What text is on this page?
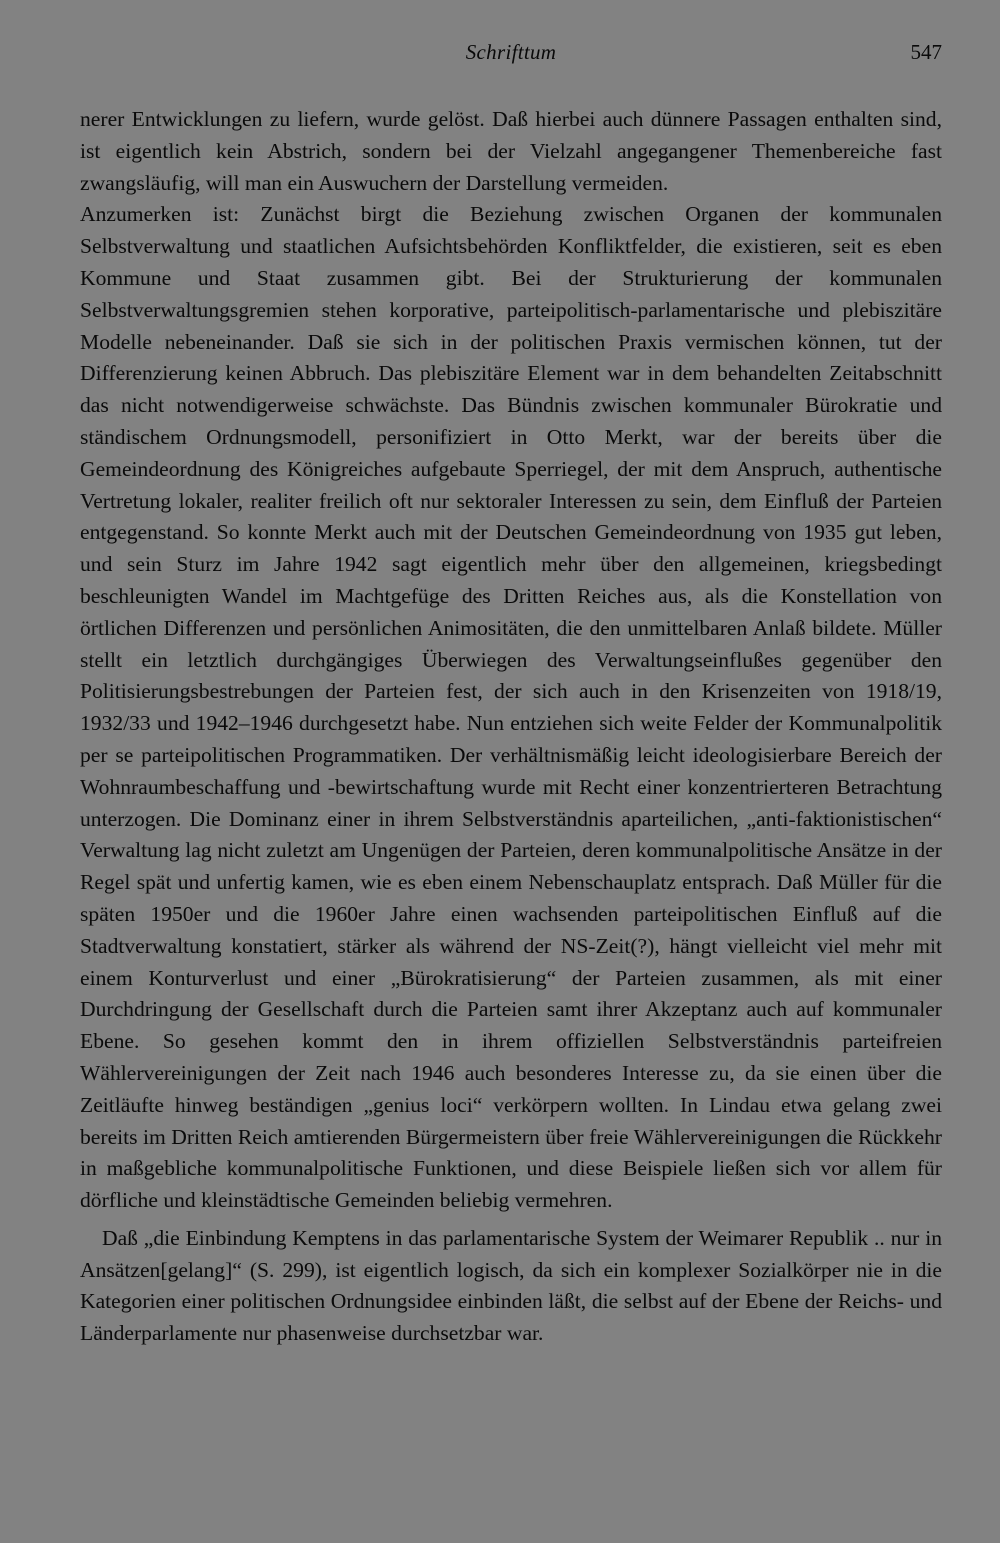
Schrifttum	547

nerer Entwicklungen zu liefern, wurde gelöst. Daß hierbei auch dünnere Passagen enthalten sind, ist eigentlich kein Abstrich, sondern bei der Vielzahl angegangener Themenbereiche fast zwangsläufig, will man ein Auswuchern der Darstellung vermeiden.

Anzumerken ist: Zunächst birgt die Beziehung zwischen Organen der kommunalen Selbstverwaltung und staatlichen Aufsichtsbehörden Konfliktfelder, die existieren, seit es eben Kommune und Staat zusammen gibt. Bei der Strukturierung der kommunalen Selbstverwaltungsgremien stehen korporative, parteipolitisch-parlamentarische und plebiszitäre Modelle nebeneinander. Daß sie sich in der politischen Praxis vermischen können, tut der Differenzierung keinen Abbruch. Das plebiszitäre Element war in dem behandelten Zeitabschnitt das nicht notwendigerweise schwächste. Das Bündnis zwischen kommunaler Bürokratie und ständischem Ordnungsmodell, personifiziert in Otto Merkt, war der bereits über die Gemeindeordnung des Königreiches aufgebaute Sperriegel, der mit dem Anspruch, authentische Vertretung lokaler, realiter freilich oft nur sektoraler Interessen zu sein, dem Einfluß der Parteien entgegenstand. So konnte Merkt auch mit der Deutschen Gemeindeordnung von 1935 gut leben, und sein Sturz im Jahre 1942 sagt eigentlich mehr über den allgemeinen, kriegsbedingt beschleunigten Wandel im Machtgefüge des Dritten Reiches aus, als die Konstellation von örtlichen Differenzen und persönlichen Animositäten, die den unmittelbaren Anlaß bildete. Müller stellt ein letztlich durchgängiges Überwiegen des Verwaltungseinflußes gegenüber den Politisierungsbestrebungen der Parteien fest, der sich auch in den Krisenzeiten von 1918/19, 1932/33 und 1942–1946 durchgesetzt habe. Nun entziehen sich weite Felder der Kommunalpolitik per se parteipolitischen Programmatiken. Der verhältnismäßig leicht ideologisierbare Bereich der Wohnraumbeschaffung und -bewirtschaftung wurde mit Recht einer konzentrierteren Betrachtung unterzogen. Die Dominanz einer in ihrem Selbstverständnis aparteilichen, „anti-faktionistischen“ Verwaltung lag nicht zuletzt am Ungenügen der Parteien, deren kommunalpolitische Ansätze in der Regel spät und unfertig kamen, wie es eben einem Nebenschauplatz entsprach. Daß Müller für die späten 1950er und die 1960er Jahre einen wachsenden parteipolitischen Einfluß auf die Stadtverwaltung konstatiert, stärker als während der NS-Zeit(?), hängt vielleicht viel mehr mit einem Konturverlust und einer „Bürokratisierung“ der Parteien zusammen, als mit einer Durchdringung der Gesellschaft durch die Parteien samt ihrer Akzeptanz auch auf kommunaler Ebene. So gesehen kommt den in ihrem offiziellen Selbstverständnis parteifreien Wählervereinigungen der Zeit nach 1946 auch besonderes Interesse zu, da sie einen über die Zeitläufte hinweg beständigen „genius loci“ verkörpern wollten. In Lindau etwa gelang zwei bereits im Dritten Reich amtierenden Bürgermeistern über freie Wählervereinigungen die Rückkehr in maßgebliche kommunalpolitische Funktionen, und diese Beispiele ließen sich vor allem für dörfliche und kleinstädtische Gemeinden beliebig vermehren.

Daß „die Einbindung Kemptens in das parlamentarische System der Weimarer Republik .. nur in Ansätzen[gelang]“ (S. 299), ist eigentlich logisch, da sich ein komplexer Sozialkörper nie in die Kategorien einer politischen Ordnungsidee einbinden läßt, die selbst auf der Ebene der Reichs- und Länderparlamente nur phasenweise durchsetzbar war.
